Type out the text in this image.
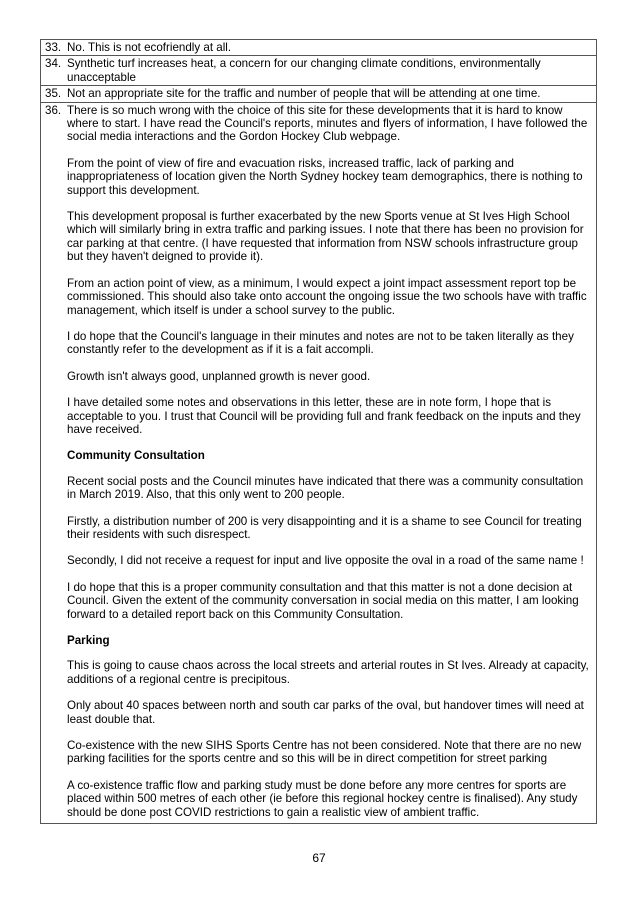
33. No. This is not ecofriendly at all.

34. Synthetic turf increases heat, a concern for our changing climate conditions, environmentally unacceptable

35. Not an appropriate site for the traffic and number of people that will be attending at one time.

36. There is so much wrong with the choice of this site for these developments that it is hard to know where to start. I have read the Council's reports, minutes and flyers of information, I have followed the social media interactions and the Gordon Hockey Club webpage.
From the point of view of fire and evacuation risks, increased traffic, lack of parking and inappropriateness of location given the North Sydney hockey team demographics, there is nothing to support this development.
This development proposal is further exacerbated by the new Sports venue at St Ives High School which will similarly bring in extra traffic and parking issues. I note that there has been no provision for car parking at that centre. (I have requested that information from NSW schools infrastructure group but they haven't deigned to provide it).
From an action point of view, as a minimum, I would expect a joint impact assessment report top be commissioned. This should also take onto account the ongoing issue the two schools have with traffic management, which itself is under a school survey to the public.
I do hope that the Council's language in their minutes and notes are not to be taken literally as they constantly refer to the development as if it is a fait accompli.
Growth isn't always good, unplanned growth is never good.
I have detailed some notes and observations in this letter, these are in note form, I hope that is acceptable to you. I trust that Council will be providing full and frank feedback on the inputs and they have received.
Community Consultation
Recent social posts and the Council minutes have indicated that there was a community consultation in March 2019. Also, that this only went to 200 people.
Firstly, a distribution number of 200 is very disappointing and it is a shame to see Council for treating their residents with such disrespect.
Secondly, I did not receive a request for input and live opposite the oval in a road of the same name !
I do hope that this is a proper community consultation and that this matter is not a done decision at Council. Given the extent of the community conversation in social media on this matter, I am looking forward to a detailed report back on this Community Consultation.
Parking
This is going to cause chaos across the local streets and arterial routes in St Ives. Already at capacity, additions of a regional centre is precipitous.
Only about 40 spaces between north and south car parks of the oval, but handover times will need at least double that.
Co-existence with the new SIHS Sports Centre has not been considered. Note that there are no new parking facilities for the sports centre and so this will be in direct competition for street parking
A co-existence traffic flow and parking study must be done before any more centres for sports are placed within 500 metres of each other (ie before this regional hockey centre is finalised). Any study should be done post COVID restrictions to gain a realistic view of ambient traffic.
67
